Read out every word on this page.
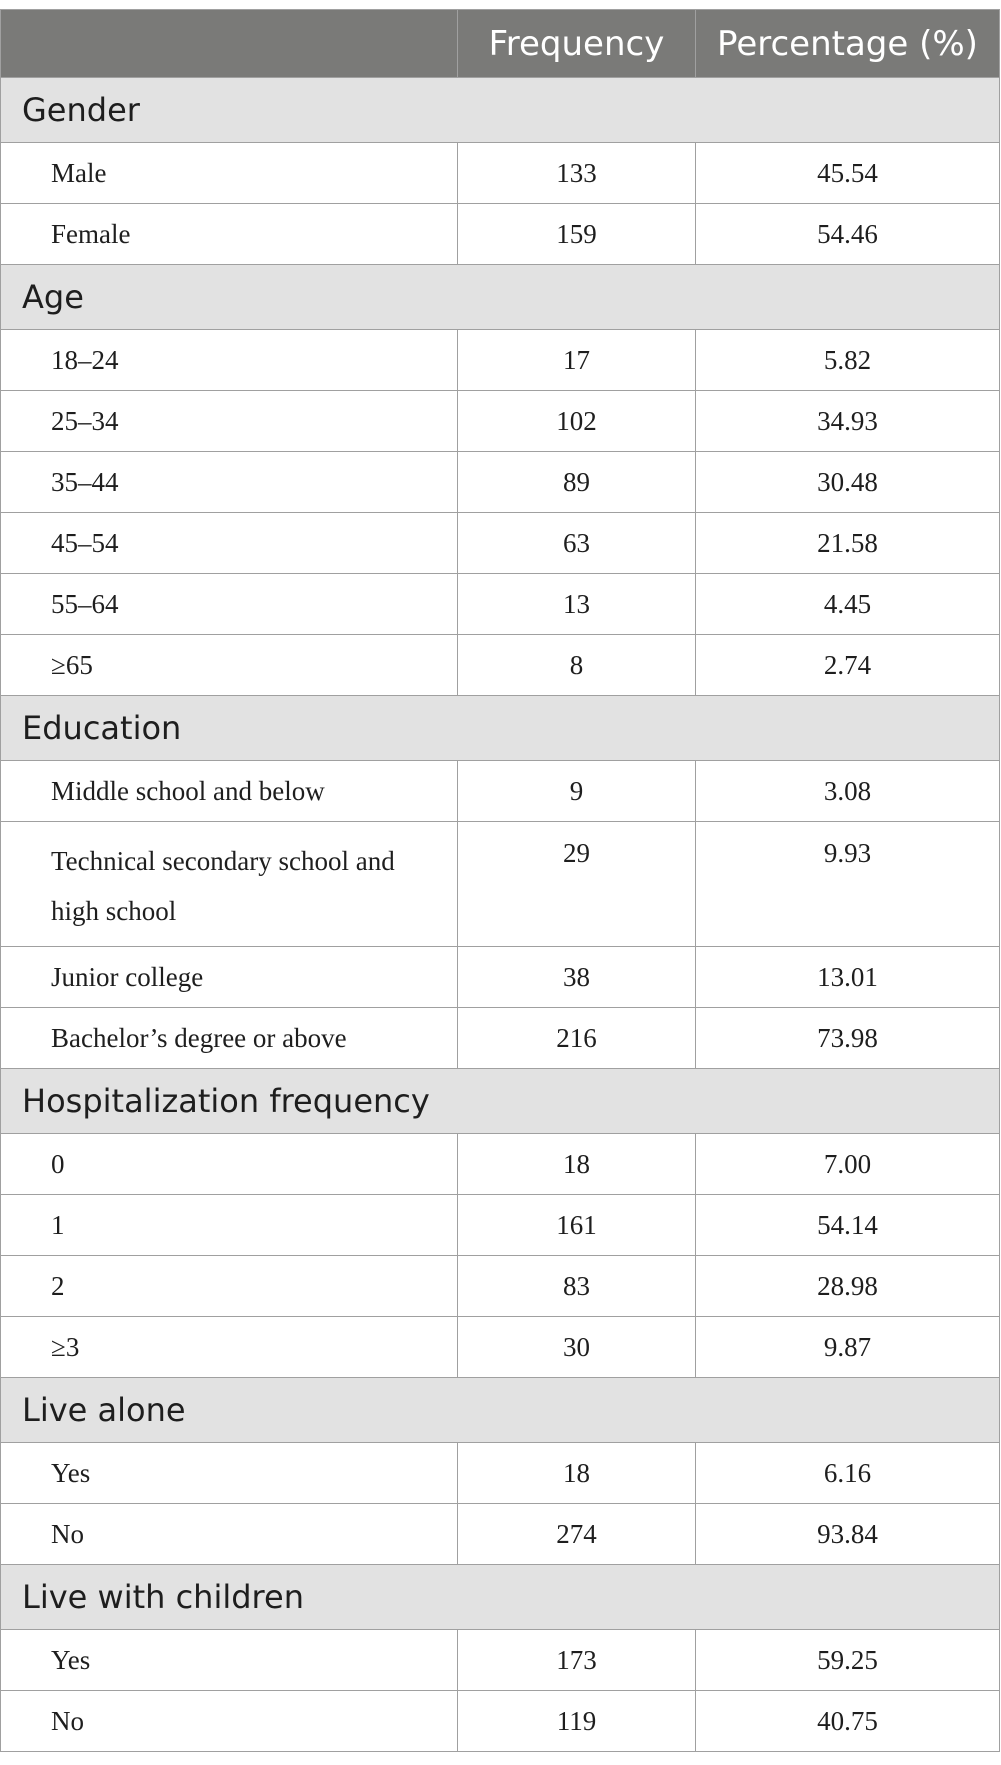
	Frequency	Percentage (%)
Gender		
Male	133	45.54
Female	159	54.46
Age		
18–24	17	5.82
25–34	102	34.93
35–44	89	30.48
45–54	63	21.58
55–64	13	4.45
≥65	8	2.74
Education		
Middle school and below	9	3.08
Technical secondary school and high school	29	9.93
Junior college	38	13.01
Bachelor’s degree or above	216	73.98
Hospitalization frequency		
0	18	7.00
1	161	54.14
2	83	28.98
≥3	30	9.87
Live alone		
Yes	18	6.16
No	274	93.84
Live with children		
Yes	173	59.25
No	119	40.75
